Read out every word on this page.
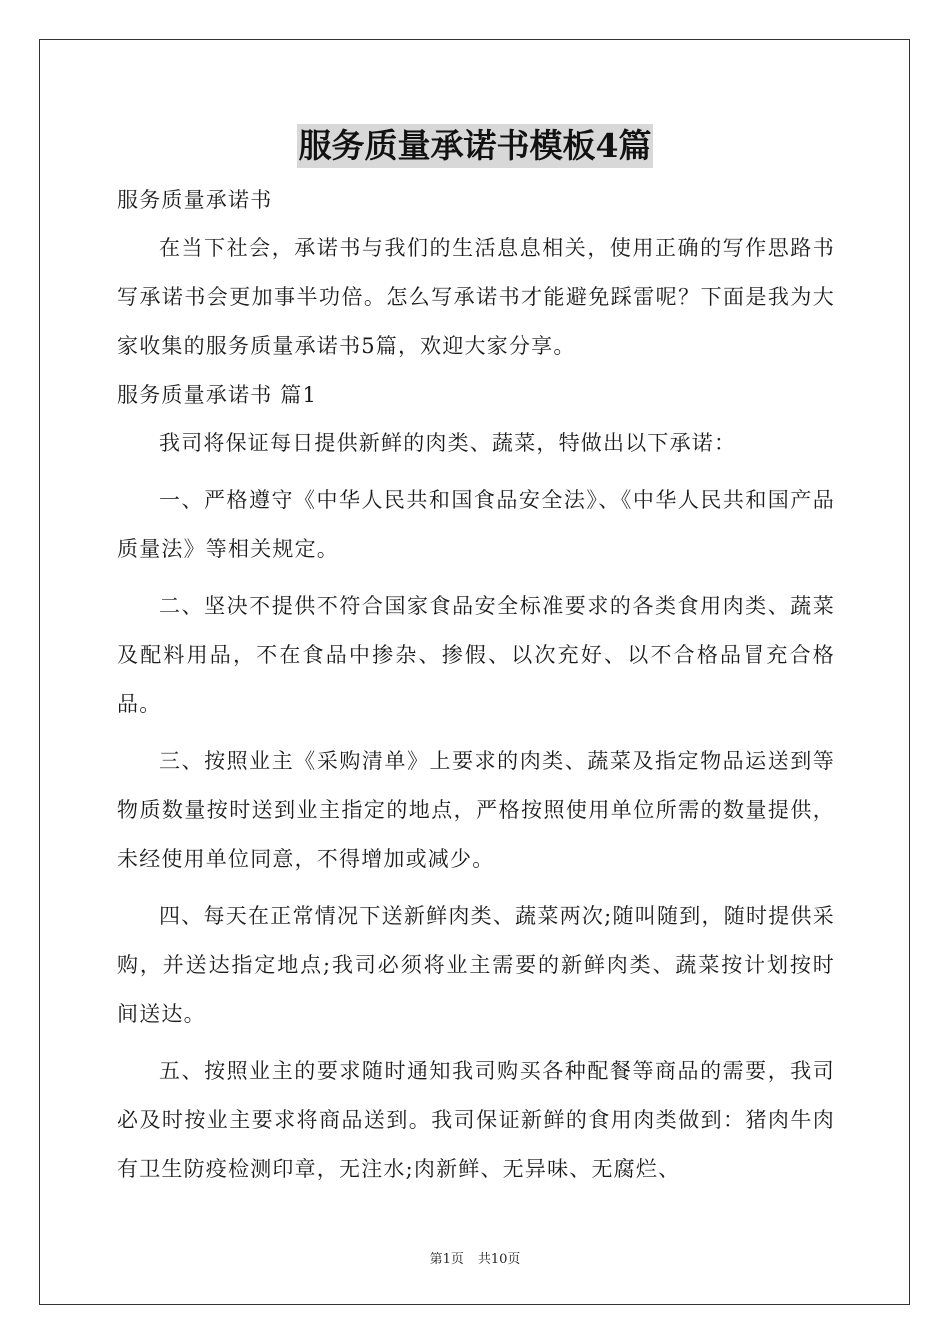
服务质量承诺书模板4篇

服务质量承诺书

在当下社会，承诺书与我们的生活息息相关，使用正确的写作思路书写承诺书会更加事半功倍。怎么写承诺书才能避免踩雷呢？下面是我为大家收集的服务质量承诺书5篇，欢迎大家分享。

服务质量承诺书 篇1

我司将保证每日提供新鲜的肉类、蔬菜，特做出以下承诺：

一、严格遵守《中华人民共和国食品安全法》、《中华人民共和国产品质量法》等相关规定。

二、坚决不提供不符合国家食品安全标准要求的各类食用肉类、蔬菜及配料用品，不在食品中掺杂、掺假、以次充好、以不合格品冒充合格品。

三、按照业主《采购清单》上要求的肉类、蔬菜及指定物品运送到等物质数量按时送到业主指定的地点，严格按照使用单位所需的数量提供，未经使用单位同意，不得增加或减少。

四、每天在正常情况下送新鲜肉类、蔬菜两次;随叫随到，随时提供采购，并送达指定地点;我司必须将业主需要的新鲜肉类、蔬菜按计划按时间送达。

五、按照业主的要求随时通知我司购买各种配餐等商品的需要，我司必及时按业主要求将商品送到。我司保证新鲜的食用肉类做到：猪肉牛肉有卫生防疫检测印章，无注水;肉新鲜、无异味、无腐烂、

第1页 共10页
